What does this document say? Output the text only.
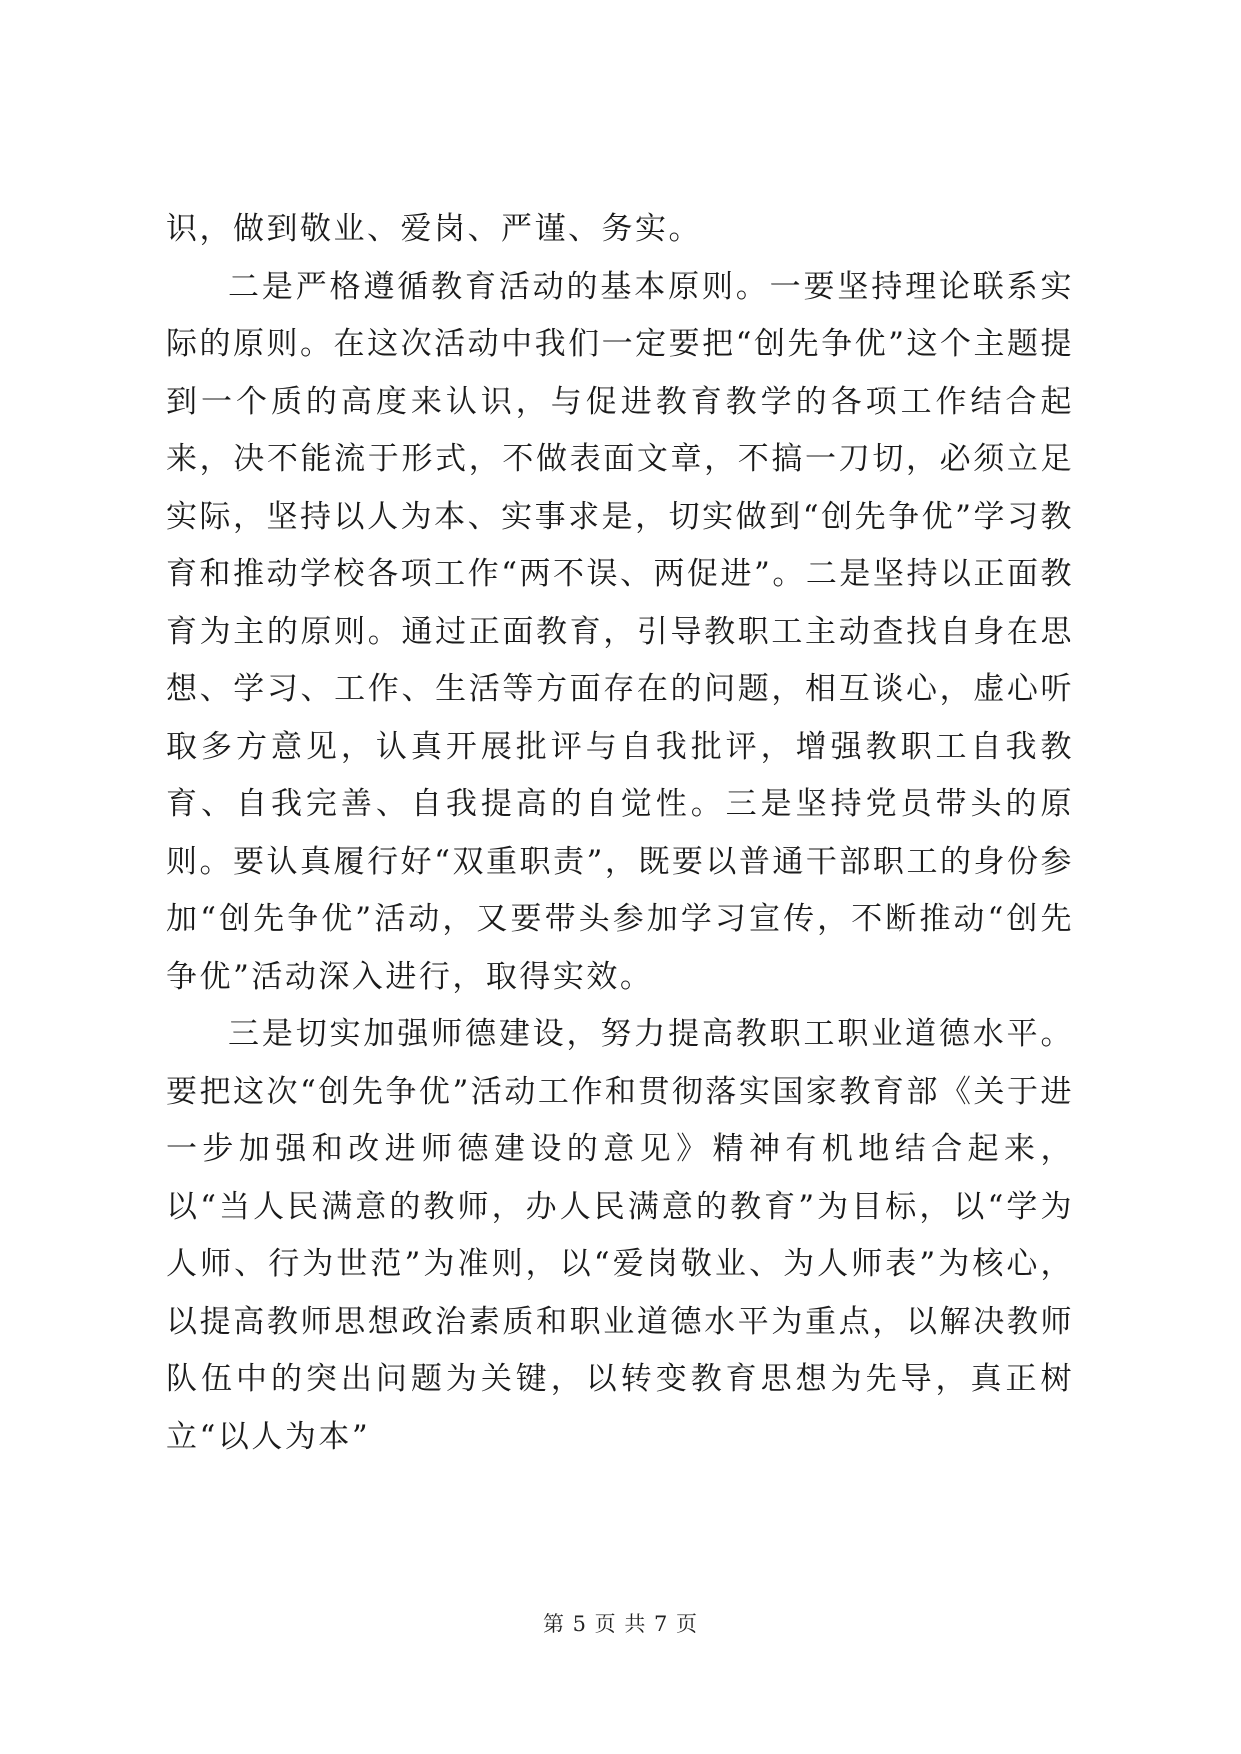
识，做到敬业、爱岗、严谨、务实。

二是严格遵循教育活动的基本原则。一要坚持理论联系实际的原则。在这次活动中我们一定要把“创先争优”这个主题提到一个质的高度来认识，与促进教育教学的各项工作结合起来，决不能流于形式，不做表面文章，不搞一刀切，必须立足实际，坚持以人为本、实事求是，切实做到“创先争优”学习教育和推动学校各项工作“两不误、两促进”。二是坚持以正面教育为主的原则。通过正面教育，引导教职工主动查找自身在思想、学习、工作、生活等方面存在的问题，相互谈心，虚心听取多方意见，认真开展批评与自我批评，增强教职工自我教育、自我完善、自我提高的自觉性。三是坚持党员带头的原则。要认真履行好“双重职责”，既要以普通干部职工的身份参加“创先争优”活动，又要带头参加学习宣传，不断推动“创先争优”活动深入进行，取得实效。

三是切实加强师德建设，努力提高教职工职业道德水平。要把这次“创先争优”活动工作和贯彻落实国家教育部《关于进一步加强和改进师德建设的意见》精神有机地结合起来，以“当人民满意的教师，办人民满意的教育”为目标，以“学为人师、行为世范”为准则，以“爱岗敬业、为人师表”为核心，以提高教师思想政治素质和职业道德水平为重点，以解决教师队伍中的突出问题为关键，以转变教育思想为先导，真正树立“以人为本”

第 5 页 共 7 页
